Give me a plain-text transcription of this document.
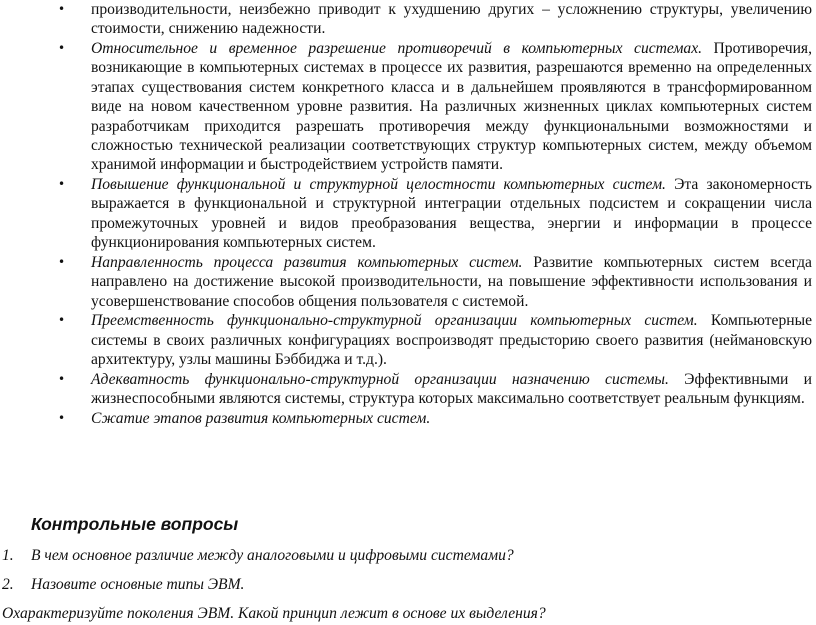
• производительности, неизбежно приводит к ухудшению других – усложнению структуры, увеличению стоимости, снижению надежности.
• Относительное и временное разрешение противоречий в компьютерных системах. Противоречия, возникающие в компьютерных системах в процессе их развития, разрешаются временно на определенных этапах существования систем конкретного класса и в дальнейшем проявляются в трансформированном виде на новом качественном уровне развития. На различных жизненных циклах компьютерных систем разработчикам приходится разрешать противоречия между функциональными возможностями и сложностью технической реализации соответствующих структур компьютерных систем, между объемом хранимой информации и быстродействием устройств памяти.
• Повышение функциональной и структурной целостности компьютерных систем. Эта закономерность выражается в функциональной и структурной интеграции отдельных подсистем и сокращении числа промежуточных уровней и видов преобразования вещества, энергии и информации в процессе функционирования компьютерных систем.
• Направленность процесса развития компьютерных систем. Развитие компьютерных систем всегда направлено на достижение высокой производительности, на повышение эффективности использования и усовершенствование способов общения пользователя с системой.
• Преемственность функционально-структурной организации компьютерных систем. Компьютерные системы в своих различных конфигурациях воспроизводят предысторию своего развития (неймановскую архитектуру, узлы машины Бэббиджа и т.д.).
• Адекватность функционально-структурной организации назначению системы. Эффективными и жизнеспособными являются системы, структура которых максимально соответствует реальным функциям.
• Сжатие этапов развития компьютерных систем.
Контрольные вопросы
1. В чем основное различие между аналоговыми и цифровыми системами?
2. Назовите основные типы ЭВМ.

Охарактеризуйте поколения ЭВМ. Какой принцип лежит в основе их выделения?
